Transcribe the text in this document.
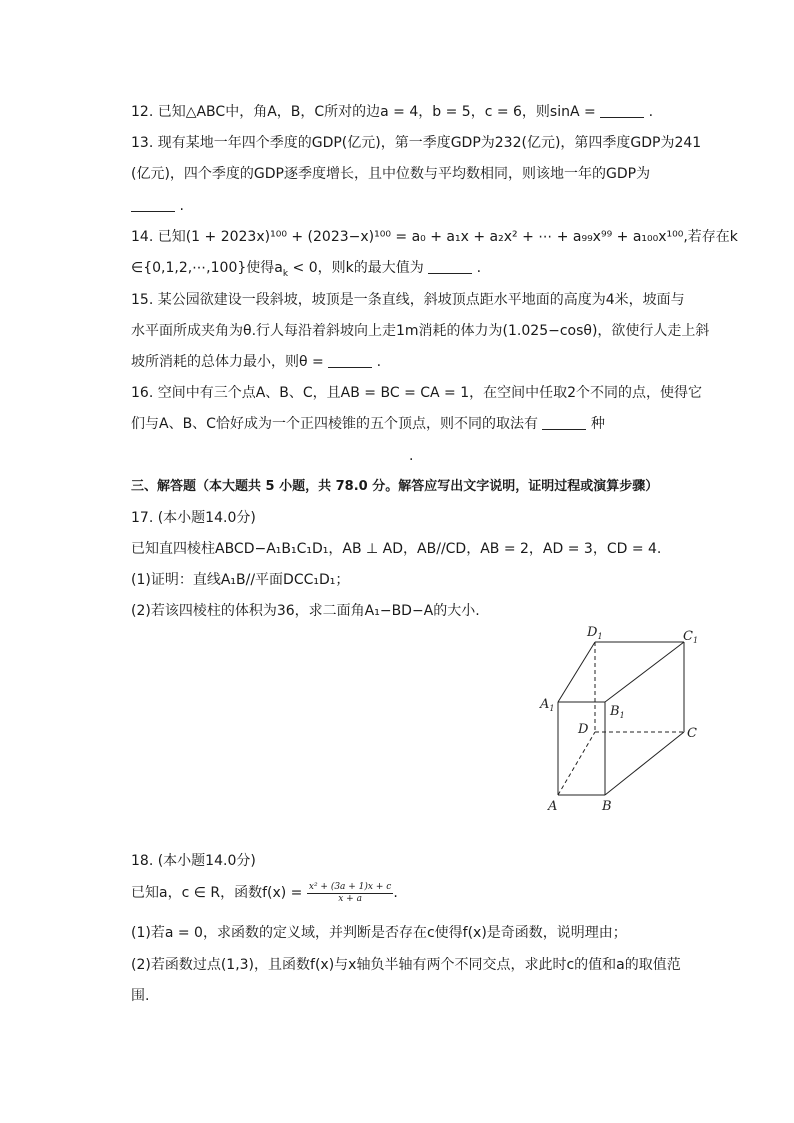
12. 已知△ABC中，角A，B，C所对的边a = 4，b = 5，c = 6，则sinA =	.
13. 现有某地一年四个季度的GDP(亿元)，第一季度GDP为232(亿元)，第四季度GDP为241
(亿元)，四个季度的GDP逐季度增长，且中位数与平均数相同，则该地一年的GDP为
.
14. 已知(1 + 2023x)¹⁰⁰ + (2023−x)¹⁰⁰ = a₀ + a₁x + a₂x² + ⋯ + a₉₉x⁹⁹ + a₁₀₀x¹⁰⁰,若存在k
∈{0,1,2,⋯,100}使得$a_k < 0$，则k的最大值为	.
15. 某公园欲建设一段斜坡，坡顶是一条直线，斜坡顶点距水平地面的高度为4米，坡面与
水平面所成夹角为θ.行人每沿着斜坡向上走1m消耗的体力为(1.025−cosθ)，欲使行人走上斜
坡所消耗的总体力最小，则θ =	.
16. 空间中有三个点A、B、C，且AB = BC = CA = 1，在空间中任取2个不同的点，使得它
们与A、B、C恰好成为一个正四棱锥的五个顶点，则不同的取法有	种
.
三、解答题（本大题共 5 小题，共 78.0 分。解答应写出文字说明，证明过程或演算步骤）
17. (本小题14.0分)
已知直四棱柱ABCD−A₁B₁C₁D₁，AB ⊥ AD，AB//CD，AB = 2，AD = 3，CD = 4.
(1)证明：直线A₁B//平面DCC₁D₁；
(2)若该四棱柱的体积为36，求二面角A₁−BD−A的大小.
$D_1$	$C_1$
$A_1$	$B_1$
D	C
A	B
18. (本小题14.0分)
已知a，c ∈ R，函数$f(x) = \frac{\text{x² + (3a + 1)x + c}}{x + a}$ .
(1)若a = 0，求函数的定义域，并判断是否存在c使得f(x)是奇函数，说明理由；
(2)若函数过点(1,3)，且函数f(x)与x轴负半轴有两个不同交点，求此时c的值和a的取值范
围.
